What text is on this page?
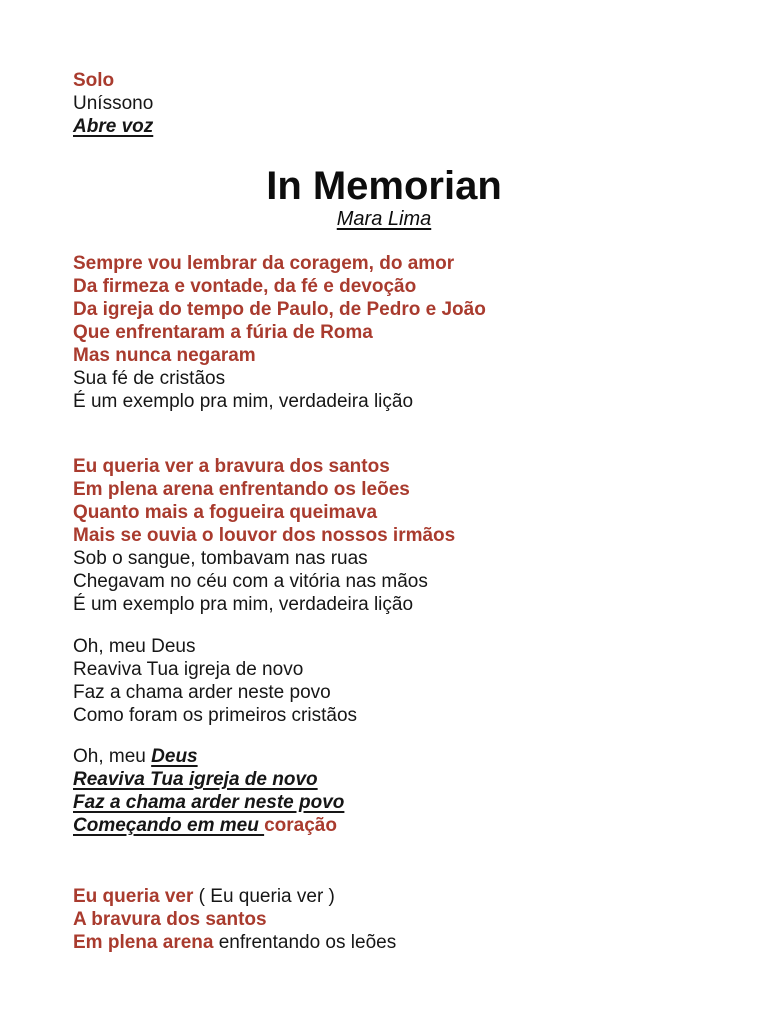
Solo
Uníssono
Abre voz
In Memorian
Mara Lima
Sempre vou lembrar da coragem, do amor
Da firmeza e vontade, da fé e devoção
Da igreja do tempo de Paulo, de Pedro e João
Que enfrentaram a fúria de Roma
Mas nunca negaram
Sua fé de cristãos
É um exemplo pra mim, verdadeira lição
Eu queria ver a bravura dos santos
Em plena arena enfrentando os leões
Quanto mais a fogueira queimava
Mais se ouvia o louvor dos nossos irmãos
Sob o sangue, tombavam nas ruas
Chegavam no céu com a vitória nas mãos
É um exemplo pra mim, verdadeira lição
Oh, meu Deus
Reaviva Tua igreja de novo
Faz a chama arder neste povo
Como foram os primeiros cristãos
Oh, meu Deus
Reaviva Tua igreja de novo
Faz a chama arder neste povo
Começando em meu coração
Eu queria ver ( Eu queria ver )
A bravura dos santos
Em plena arena enfrentando os leões
